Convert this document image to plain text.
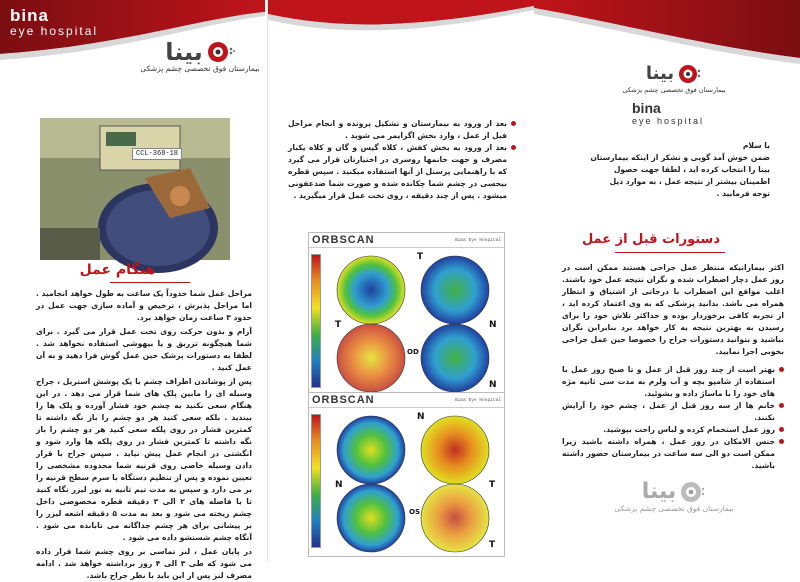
bina
eye hospital
بینا
بیمارستان فوق تخصصی چشم پزشکی
CCL-368-18
هنگام عمل

مراحل عمل شما حدوداً یک ساعت به طول خواهد انجامید . اما مراحل پذیرش ، ترخیص و آماده سازی جهت عمل در حدود ۳ ساعت زمان خواهد برد.

آرام و بدون حرکت روی تخت عمل قرار می گیرد . برای شما هیچگونه تزریق و یا بیهوشی استفاده نخواهد شد . لطفا به دستورات پزشک حین عمل گوش فرا دهید و به آن عمل کنید .

پس از پوشاندن اطراف چشم با یک پوشش استریل ، جراح وسیله ای را مابین پلک های شما قرار می دهد . در این هنگام سعی نکنید به چشم خود فشار آورده و پلک ها را ببندید . بلکه سعی کنید هر دو چشم را باز نگه داشته تا کمترین فشار در روی پلکه سعی کنید هر دو چشم را باز نگه داشته تا کمترین فشار در روی پلکه ها وارد شود و انگشتی در انجام عمل پیش نیاید . سپس جراح با قرار دادن وسیله خاصی روی قرنیه شما محدوده مشخصی را تعیین نموده و پس از تنظیم دستگاه با سرم سطح قرنیه را بر می دارد و سپس به مدت تیم ثانیه به نور لیزر نگاه کنید تا با فاصله های ۲ الی ۳ دقیقه قطره مخصوصی داخل چشم ریخته می شود و بعد به مدت ۵ دقیقه اشعه لیزر را بر پیشانی برای هر چشم جداگانه می تابانده می شود . آنگاه چشم شستشو داده می شود .

در پایان عمل ، لنز تماسی بر روی چشم شما قرار داده می شود که طی ۳ الی ۴ روز برداشته خواهد شد . ادامه مصرف لنز پس از این باید با نظر جراح باشد.

بعد از ورود به بیمارستان و تشکیل پرونده و انجام مراحل قبل از عمل ، وارد بخش اگزایمر می شوید .
بعد از ورود به بخش کفش ، کلاه گیس و گان و کلاه یکبار مصرف و جهت خانمها روسری در اختیارتان قرار می گیرد که با راهنمایی پرسنل از آنها استفاده میکنید . سپس قطره بیحسی در چشم شما چکانده شده و صورت شما ضدعفونی میشود . پس از چند دقیقه ، روی تخت عمل قرار میگیرید .
ORBSCAN	Bina Eye Hospital
T	N
T
N
OD
ORBSCAN	Bina Eye Hospital
N	T
N
T
OS
بینا
بیمارستان فوق تخصصی چشم پزشکی
bina
eye hospital
با سلام
ضمن خوش آمد گویی و تشکر از اینکه بیمارستان بینا را انتخاب کرده اید ، لطفا جهت حصول اطمینان بیشتر از نتیجه عمل ، به موارد ذیل توجه فرمایید .
دستورات قبل از عمل
اکثر بیمارانیکه منتظر عمل جراحی هستند ممکن است در روز عمل دچار اضطراب شده و نگران نتیجه عمل خود باشند. اغلب مواقع این اضطراب با درجاتی از اشتیاق و انتظار همراه می باشد. بدانید پزشکی که به وی اعتماد کرده اید ، از تجربه کافی برخوردار بوده و حداکثر تلاش خود را برای رسیدن به بهترین نتیجه به کار خواهد برد بنابراین نگران نباشید و بتوانید دستورات جراح را خصوصا حین عمل جراحی بخوبی اجرا نمایید.
بهتر است از چند روز قبل از عمل و تا صبح روز عمل با استفاده از شامپو بچه و آب ولرم به مدت سی ثانیه مژه های خود را با ماساژ داده و بشوئید.
خانم ها از سه روز قبل از عمل ، چشم خود را آرایش نکنند.
روز عمل استحمام کرده و لباس راحت بپوشید.
جنس الامکان در روز عمل ، همراه داشته باشید زیرا ممکن است دو الی سه ساعت در بیمارستان حضور داشته باشید.
بینا
بیمارستان فوق تخصصی چشم پزشکی
